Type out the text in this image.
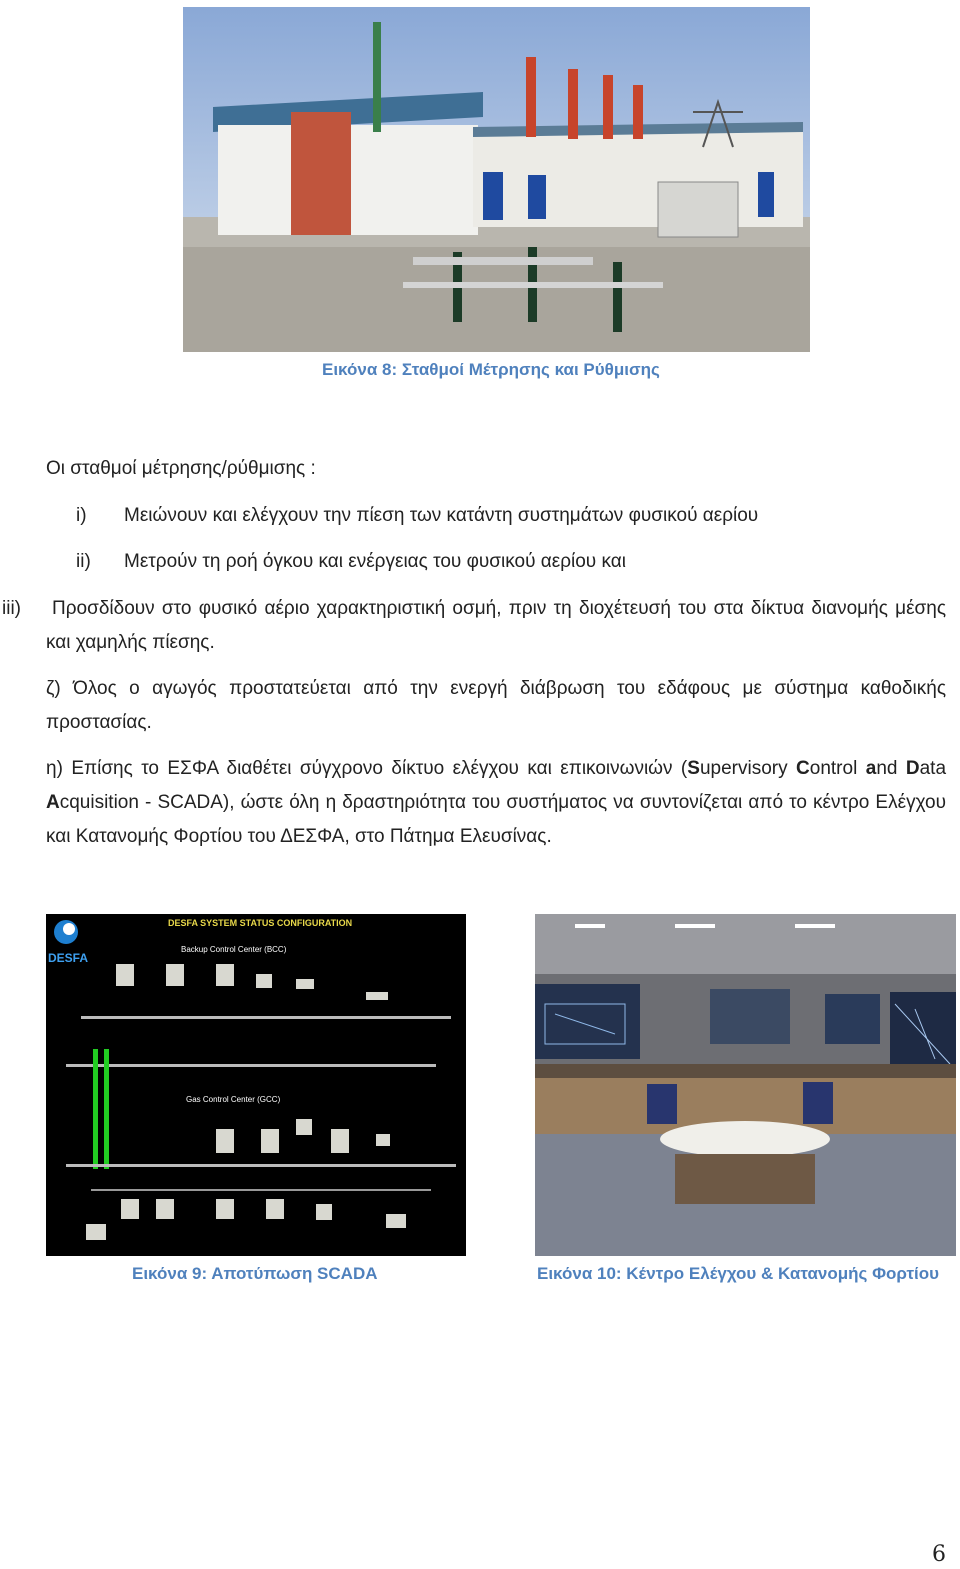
Εικόνα 8: Σταθμοί Μέτρησης και Ρύθμισης
Οι σταθμοί μέτρησης/ρύθμισης :
i) Μειώνουν και ελέγχουν την πίεση των κατάντη συστημάτων φυσικού αερίου
ii) Μετρούν τη ροή όγκου και ενέργειας του φυσικού αερίου και
iii)	Προσδίδουν στο φυσικό αέριο χαρακτηριστική οσμή, πριν τη διοχέτευσή του στα δίκτυα διανομής μέσης και χαμηλής πίεσης.
ζ) Όλος ο αγωγός προστατεύεται από την ενεργή διάβρωση του εδάφους με σύστημα καθοδικής προστασίας.
η) Επίσης το ΕΣΦΑ διαθέτει σύγχρονο δίκτυο ελέγχου και επικοινωνιών (Supervisory Control and Data Acquisition - SCADA), ώστε όλη η δραστηριότητα του συστήματος να συντονίζεται από το κέντρο Ελέγχου και Κατανομής Φορτίου του ΔΕΣΦΑ, στο Πάτημα Ελευσίνας.
DESFA
DESFA SYSTEM STATUS CONFIGURATION
Backup Control Center (BCC)
Gas Control Center (GCC)
Εικόνα 9: Αποτύπωση SCADA	Εικόνα 10: Κέντρο Ελέγχου & Κατανομής Φορτίου
6
